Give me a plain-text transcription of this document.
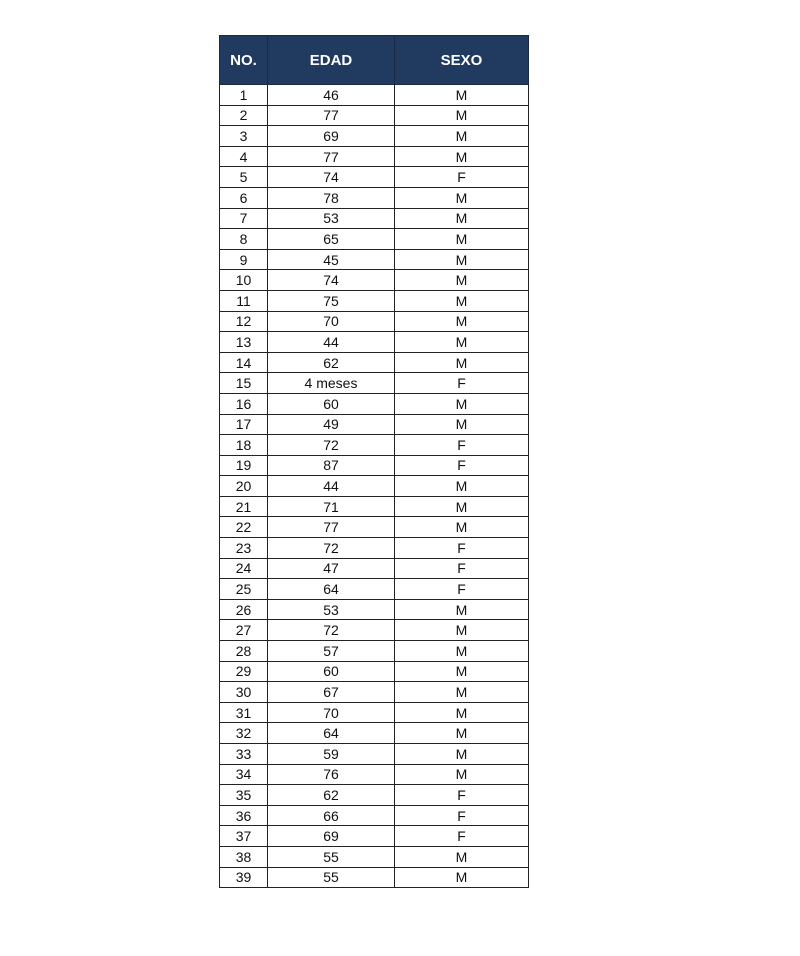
NO.	EDAD	SEXO
1	46	M
2	77	M
3	69	M
4	77	M
5	74	F
6	78	M
7	53	M
8	65	M
9	45	M
10	74	M
11	75	M
12	70	M
13	44	M
14	62	M
15	4 meses	F
16	60	M
17	49	M
18	72	F
19	87	F
20	44	M
21	71	M
22	77	M
23	72	F
24	47	F
25	64	F
26	53	M
27	72	M
28	57	M
29	60	M
30	67	M
31	70	M
32	64	M
33	59	M
34	76	M
35	62	F
36	66	F
37	69	F
38	55	M
39	55	M
